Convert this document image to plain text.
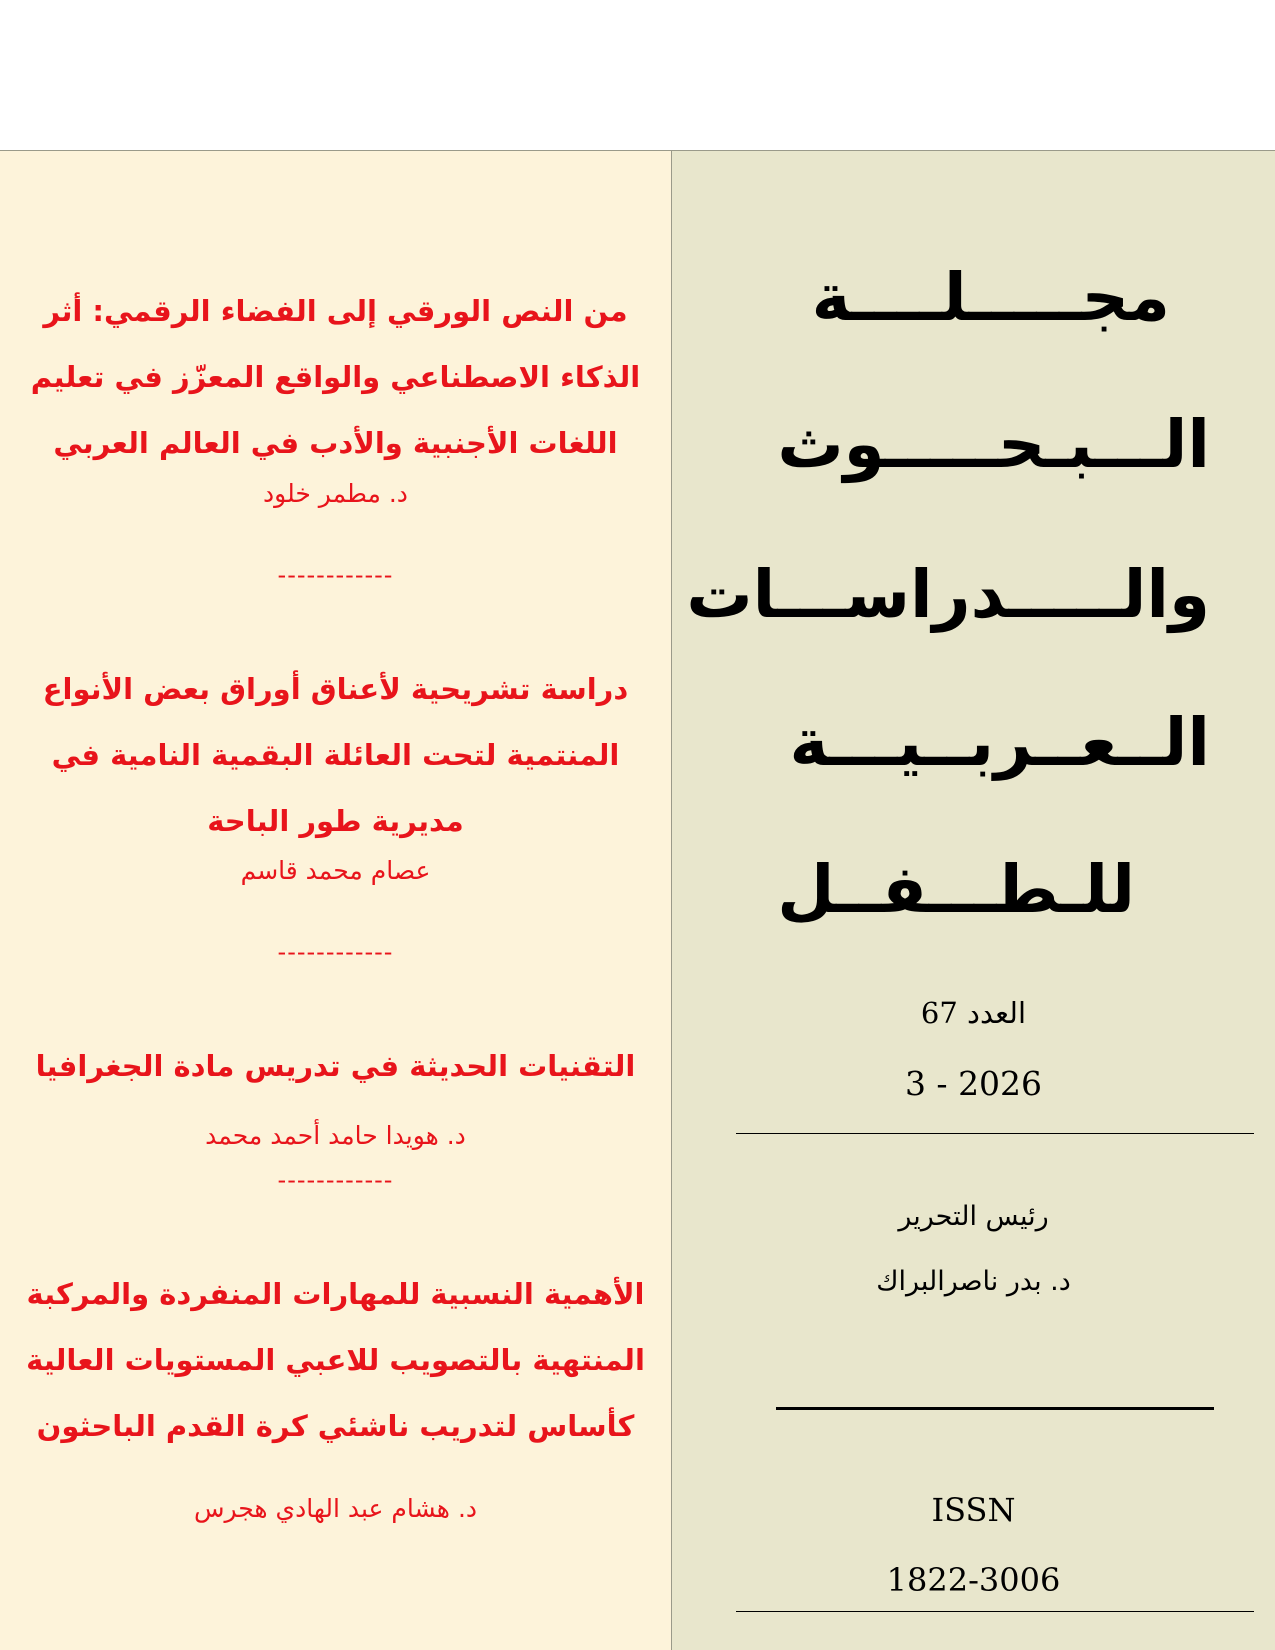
من النص الورقي إلى الفضاء الرقمي: أثر الذكاء الاصطناعي والواقع المعزّز في تعليم اللغات الأجنبية والأدب في العالم العربي

د. مطمر خلود
------------

دراسة تشريحية لأعناق أوراق بعض الأنواع المنتمية لتحت العائلة البقمية النامية في مديرية طور الباحة

عصام محمد قاسم
------------

التقنيات الحديثة في تدريس مادة الجغرافيا

د. هويدا حامد أحمد محمد
------------

الأهمية النسبية للمهارات المنفردة والمركبة المنتهية بالتصويب للاعبي المستويات العالية كأساس لتدريب ناشئي كرة القدم الباحثون

د. هشام عبد الهادي هجرس
مجـــــلــــة
الـــبـحـــــوث
والـــــدراســـات
الــعــربــيـــة
للـطـــفــل
العدد 67
3 - 2026
رئيس التحرير
د. بدر ناصرالبراك
ISSN
1822-3006
